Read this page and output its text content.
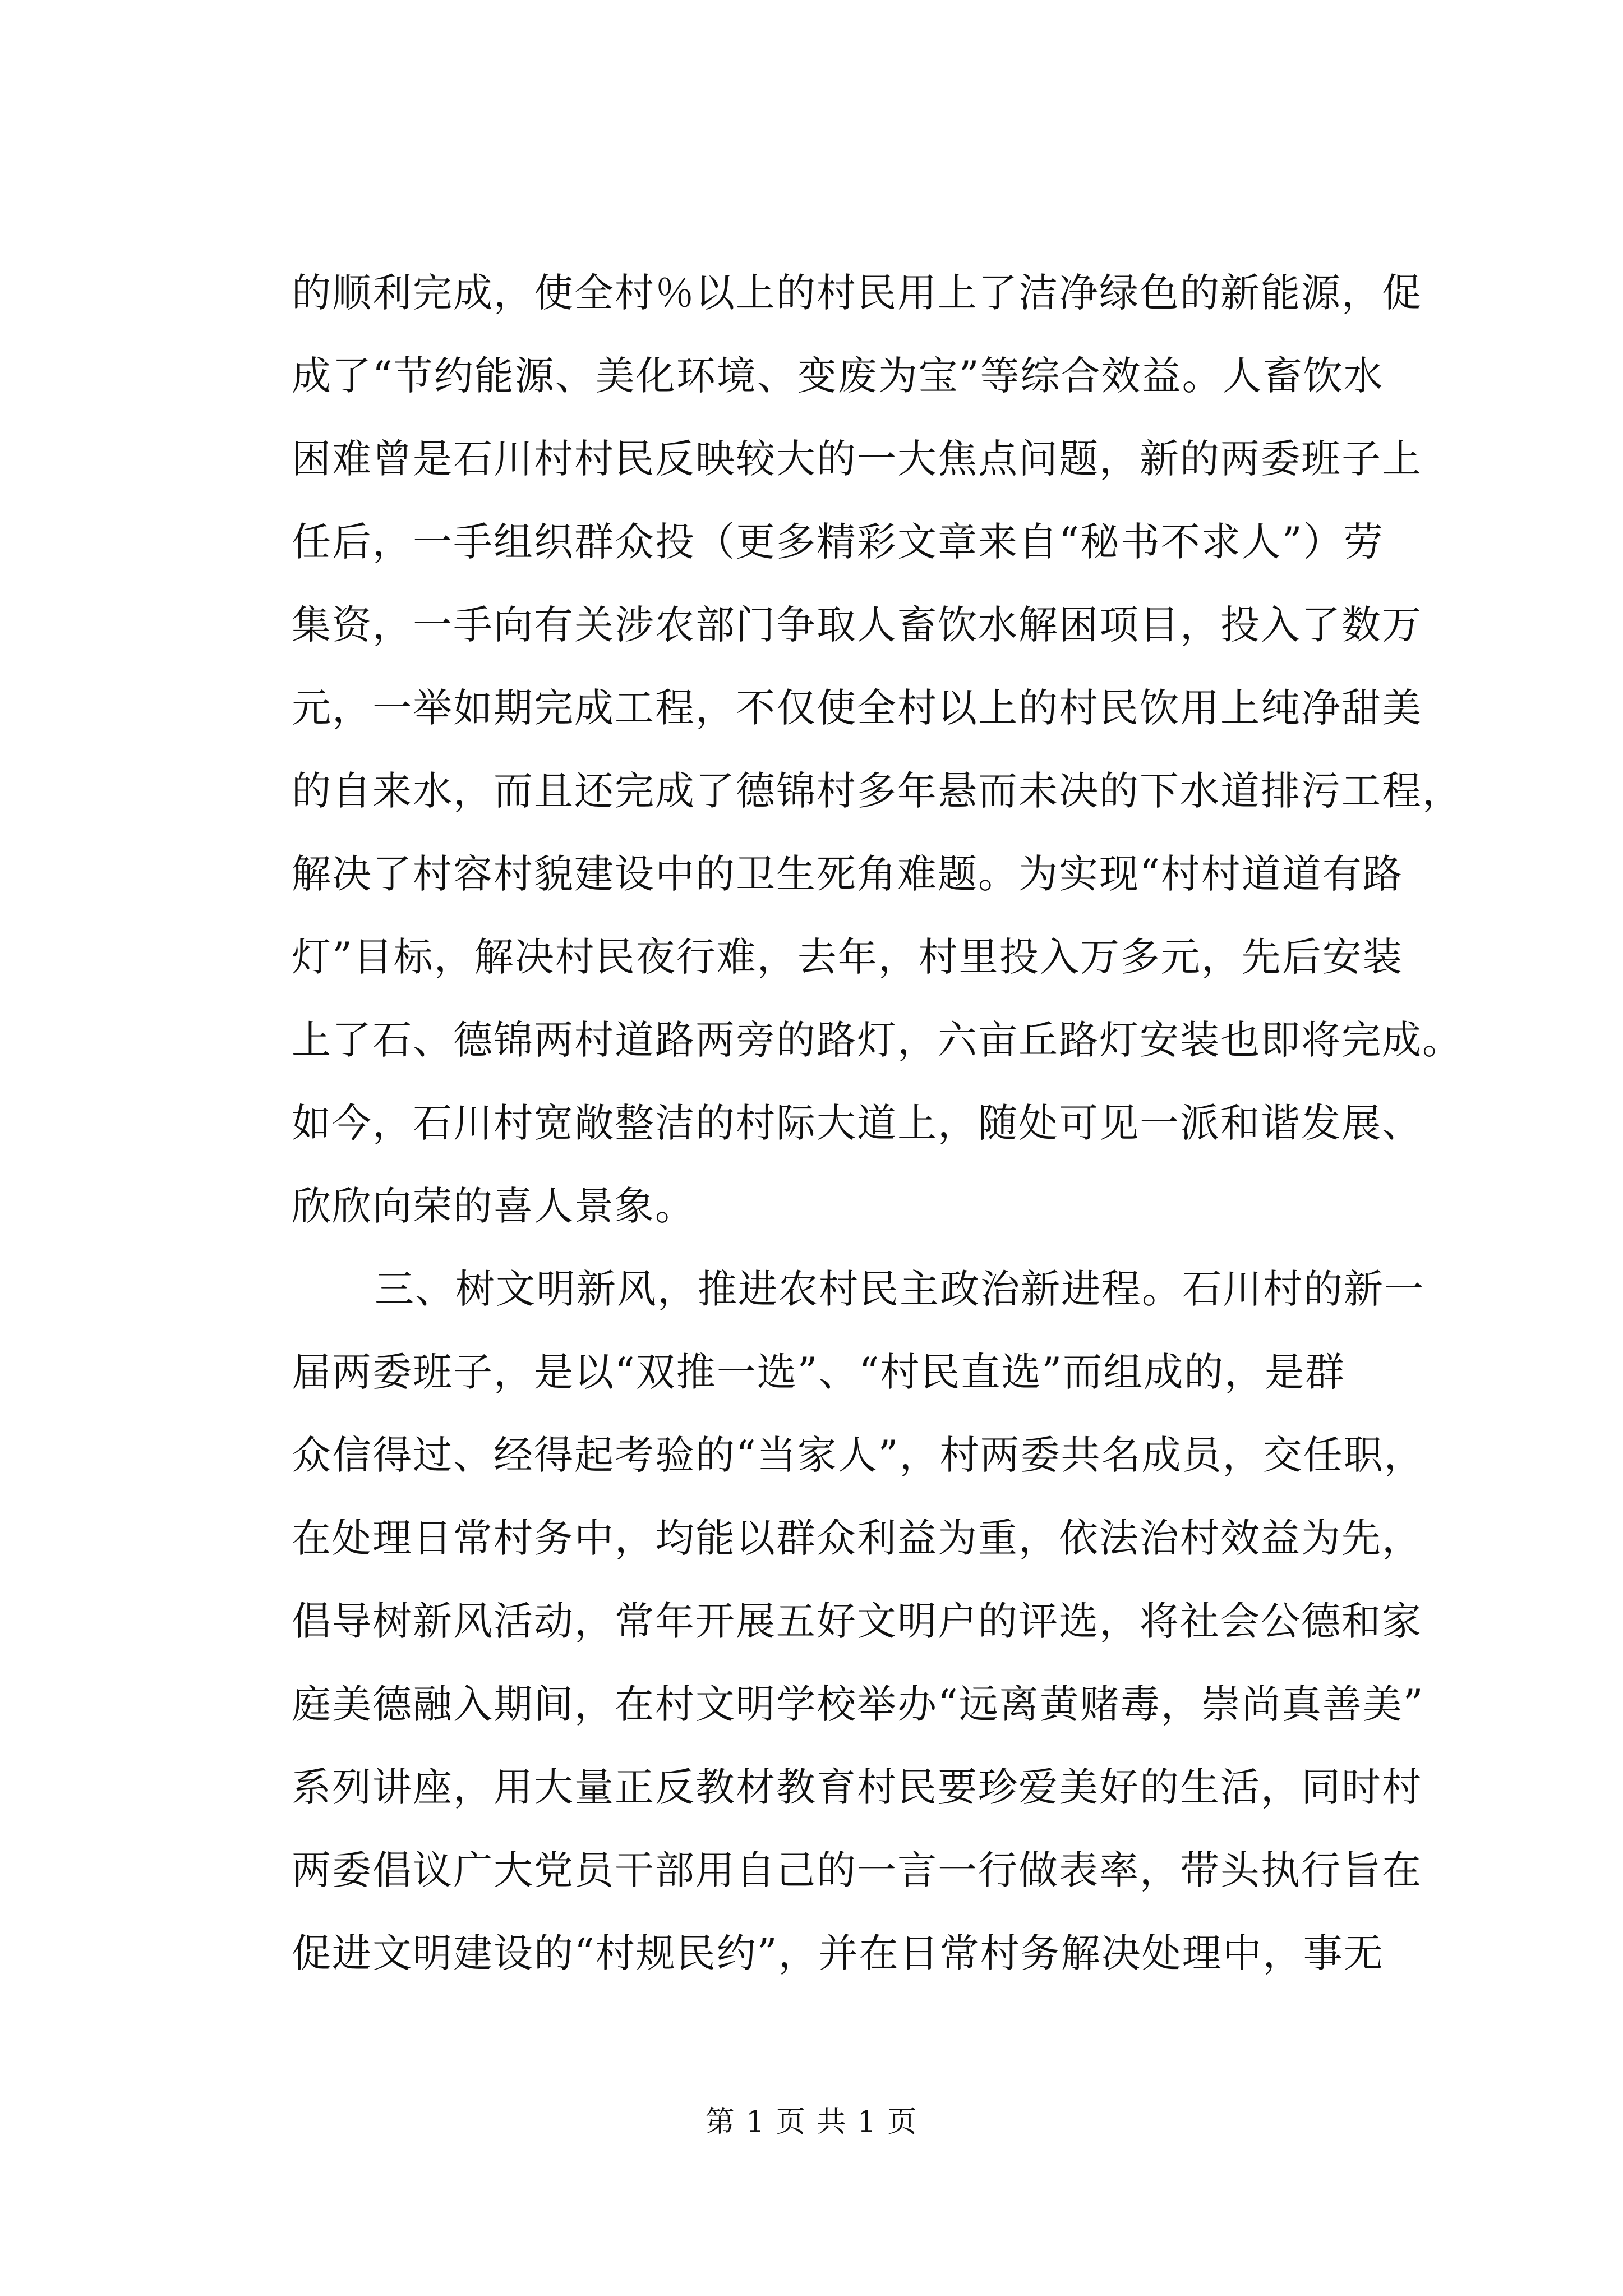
的顺利完成，使全村％以上的村民用上了洁净绿色的新能源，促
成了“节约能源、美化环境、变废为宝”等综合效益。人畜饮水
困难曾是石川村村民反映较大的一大焦点问题，新的两委班子上
任后，一手组织群众投（更多精彩文章来自“秘书不求人”）劳
集资，一手向有关涉农部门争取人畜饮水解困项目，投入了数万
元，一举如期完成工程，不仅使全村以上的村民饮用上纯净甜美
的自来水，而且还完成了德锦村多年悬而未决的下水道排污工程，
解决了村容村貌建设中的卫生死角难题。为实现“村村道道有路
灯”目标，解决村民夜行难，去年，村里投入万多元，先后安装
上了石、德锦两村道路两旁的路灯，六亩丘路灯安装也即将完成。
如今，石川村宽敞整洁的村际大道上，随处可见一派和谐发展、
欣欣向荣的喜人景象。
三、树文明新风，推进农村民主政治新进程。石川村的新一
届两委班子，是以“双推一选”、“村民直选”而组成的，是群
众信得过、经得起考验的“当家人”，村两委共名成员，交任职，
在处理日常村务中，均能以群众利益为重，依法治村效益为先，
倡导树新风活动，常年开展五好文明户的评选，将社会公德和家
庭美德融入期间，在村文明学校举办“远离黄赌毒，崇尚真善美”
系列讲座，用大量正反教材教育村民要珍爱美好的生活，同时村
两委倡议广大党员干部用自己的一言一行做表率，带头执行旨在
促进文明建设的“村规民约”，并在日常村务解决处理中，事无
第 1 页 共 1 页
